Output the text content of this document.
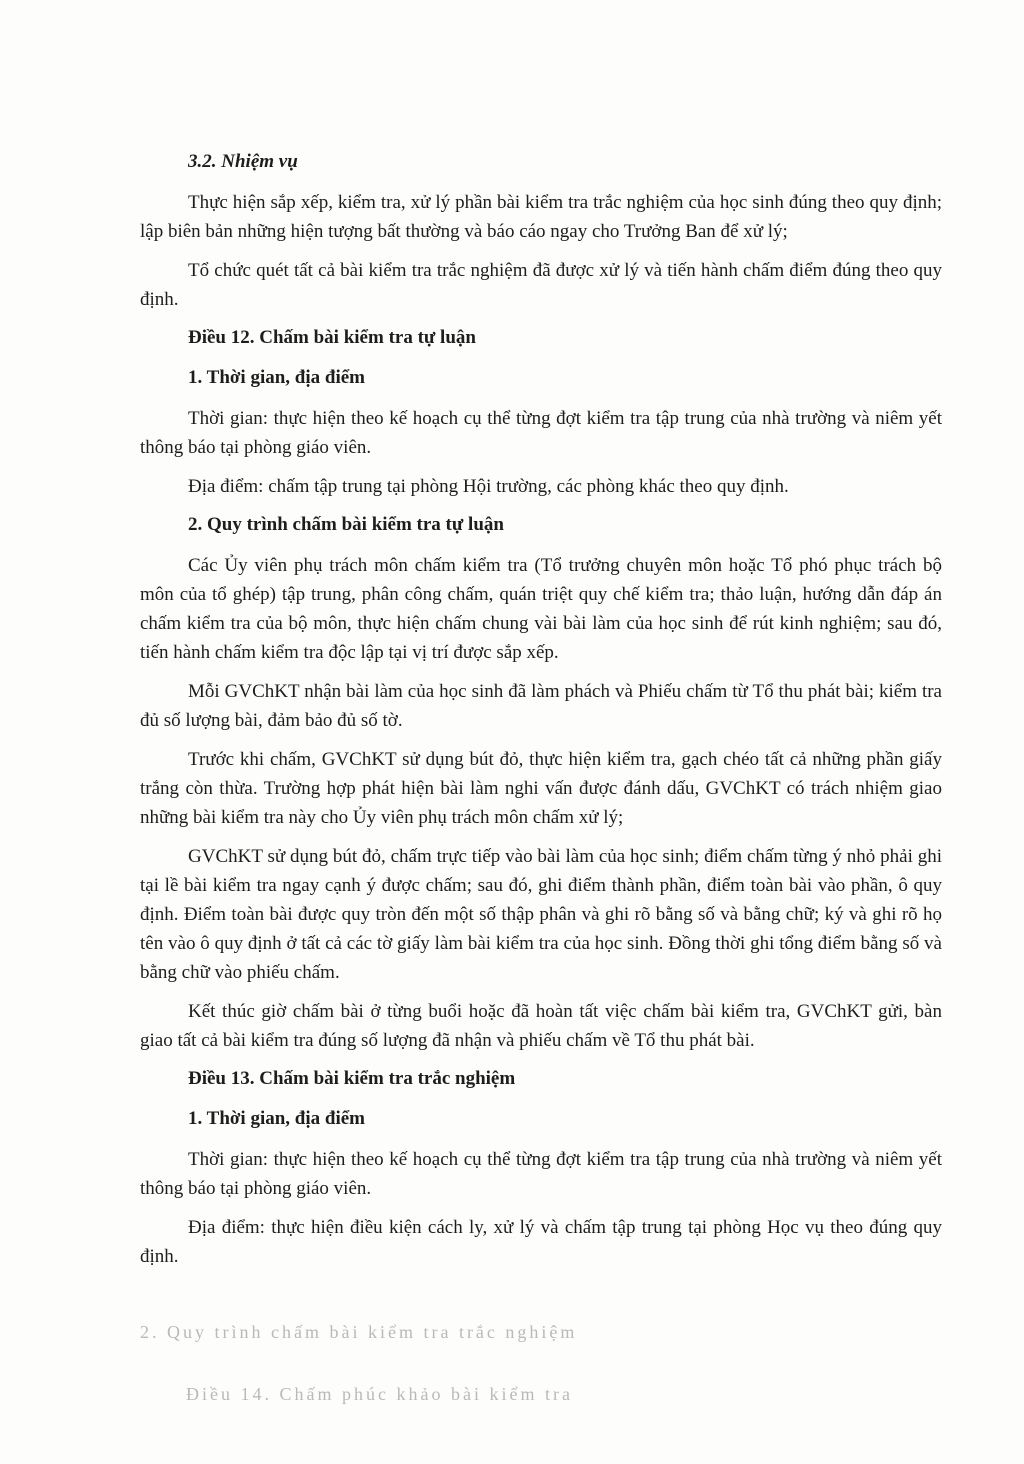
3.2. Nhiệm vụ

Thực hiện sắp xếp, kiểm tra, xử lý phần bài kiểm tra trắc nghiệm của học sinh đúng theo quy định; lập biên bản những hiện tượng bất thường và báo cáo ngay cho Trưởng Ban để xử lý;

Tổ chức quét tất cả bài kiểm tra trắc nghiệm đã được xử lý và tiến hành chấm điểm đúng theo quy định.

Điều 12. Chấm bài kiểm tra tự luận

1. Thời gian, địa điểm

Thời gian: thực hiện theo kế hoạch cụ thể từng đợt kiểm tra tập trung của nhà trường và niêm yết thông báo tại phòng giáo viên.

Địa điểm: chấm tập trung tại phòng Hội trường, các phòng khác theo quy định.

2. Quy trình chấm bài kiểm tra tự luận

Các Ủy viên phụ trách môn chấm kiểm tra (Tổ trưởng chuyên môn hoặc Tổ phó phục trách bộ môn của tổ ghép) tập trung, phân công chấm, quán triệt quy chế kiểm tra; thảo luận, hướng dẫn đáp án chấm kiểm tra của bộ môn, thực hiện chấm chung vài bài làm của học sinh để rút kinh nghiệm; sau đó, tiến hành chấm kiểm tra độc lập tại vị trí được sắp xếp.

Mỗi GVChKT nhận bài làm của học sinh đã làm phách và Phiếu chấm từ Tổ thu phát bài; kiểm tra đủ số lượng bài, đảm bảo đủ số tờ.

Trước khi chấm, GVChKT sử dụng bút đỏ, thực hiện kiểm tra, gạch chéo tất cả những phần giấy trắng còn thừa. Trường hợp phát hiện bài làm nghi vấn được đánh dấu, GVChKT có trách nhiệm giao những bài kiểm tra này cho Ủy viên phụ trách môn chấm xử lý;

GVChKT sử dụng bút đỏ, chấm trực tiếp vào bài làm của học sinh; điểm chấm từng ý nhỏ phải ghi tại lề bài kiểm tra ngay cạnh ý được chấm; sau đó, ghi điểm thành phần, điểm toàn bài vào phần, ô quy định. Điểm toàn bài được quy tròn đến một số thập phân và ghi rõ bằng số và bằng chữ; ký và ghi rõ họ tên vào ô quy định ở tất cả các tờ giấy làm bài kiểm tra của học sinh. Đồng thời ghi tổng điểm bằng số và bằng chữ vào phiếu chấm.

Kết thúc giờ chấm bài ở từng buổi hoặc đã hoàn tất việc chấm bài kiểm tra, GVChKT gửi, bàn giao tất cả bài kiểm tra đúng số lượng đã nhận và phiếu chấm về Tổ thu phát bài.

Điều 13. Chấm bài kiểm tra trắc nghiệm

1. Thời gian, địa điểm

Thời gian: thực hiện theo kế hoạch cụ thể từng đợt kiểm tra tập trung của nhà trường và niêm yết thông báo tại phòng giáo viên.

Địa điểm: thực hiện điều kiện cách ly, xử lý và chấm tập trung tại phòng Học vụ theo đúng quy định.

2. Quy trình chấm bài kiểm tra trắc nghiệm
Điều 14. Chấm phúc khảo bài kiểm tra
